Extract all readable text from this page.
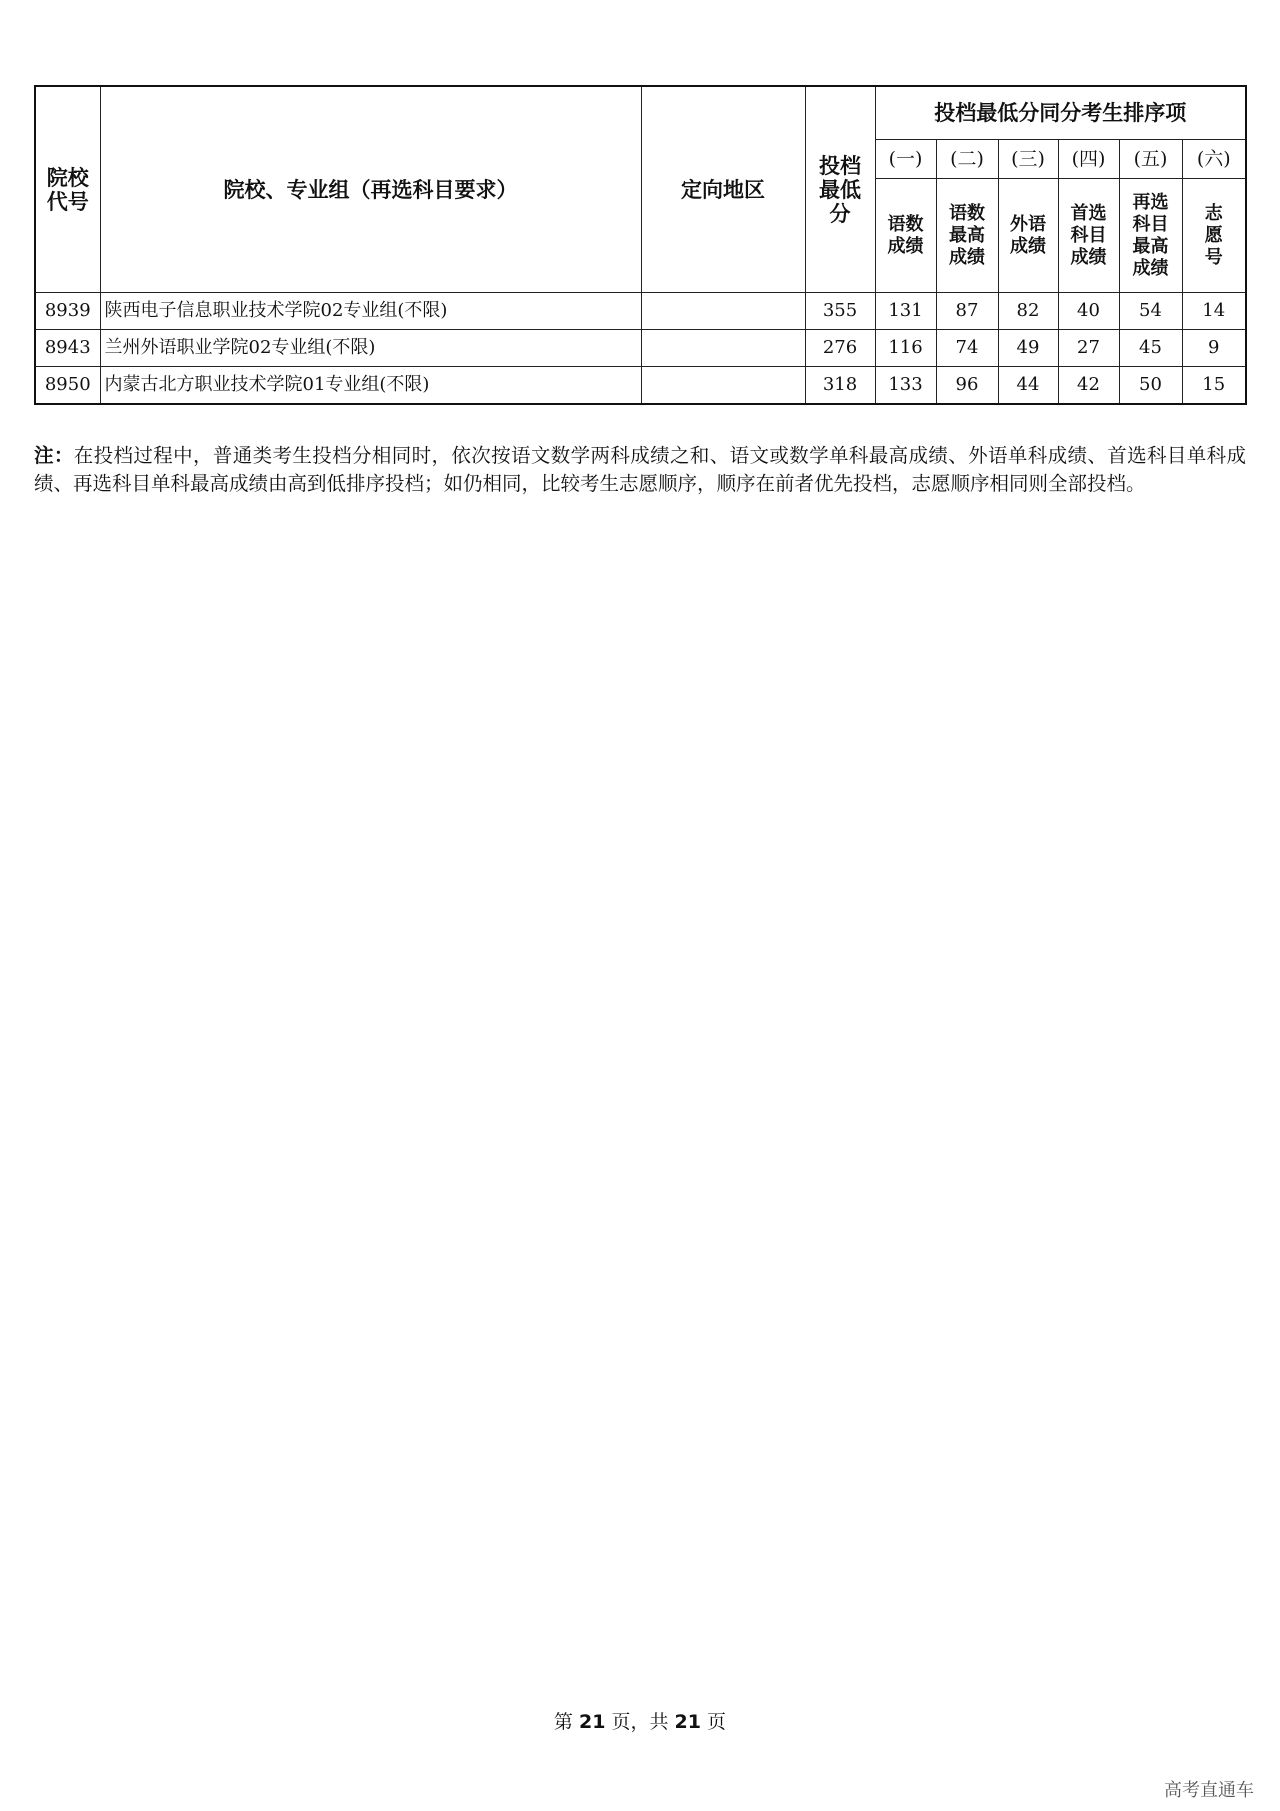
院校
代号	院校、专业组（再选科目要求）	定向地区	投档
最低
分	投档最低分同分考生排序项					
				(一)	(二)	(三)	(四)	(五)	(六)
				语数
成绩	语数
最高
成绩	外语
成绩	首选
科目
成绩	再选
科目
最高
成绩	志
愿
号
8939	陕西电子信息职业技术学院02专业组(不限)		355	131	87	82	40	54	14
8943	兰州外语职业学院02专业组(不限)		276	116	74	49	27	45	9
8950	内蒙古北方职业技术学院01专业组(不限)		318	133	96	44	42	50	15
注：在投档过程中，普通类考生投档分相同时，依次按语文数学两科成绩之和、语文或数学单科最高成绩、外语单科成绩、首选科目单科成绩、再选科目单科最高成绩由高到低排序投档；如仍相同，比较考生志愿顺序，顺序在前者优先投档，志愿顺序相同则全部投档。
第 21 页，共 21 页
高考直通车
